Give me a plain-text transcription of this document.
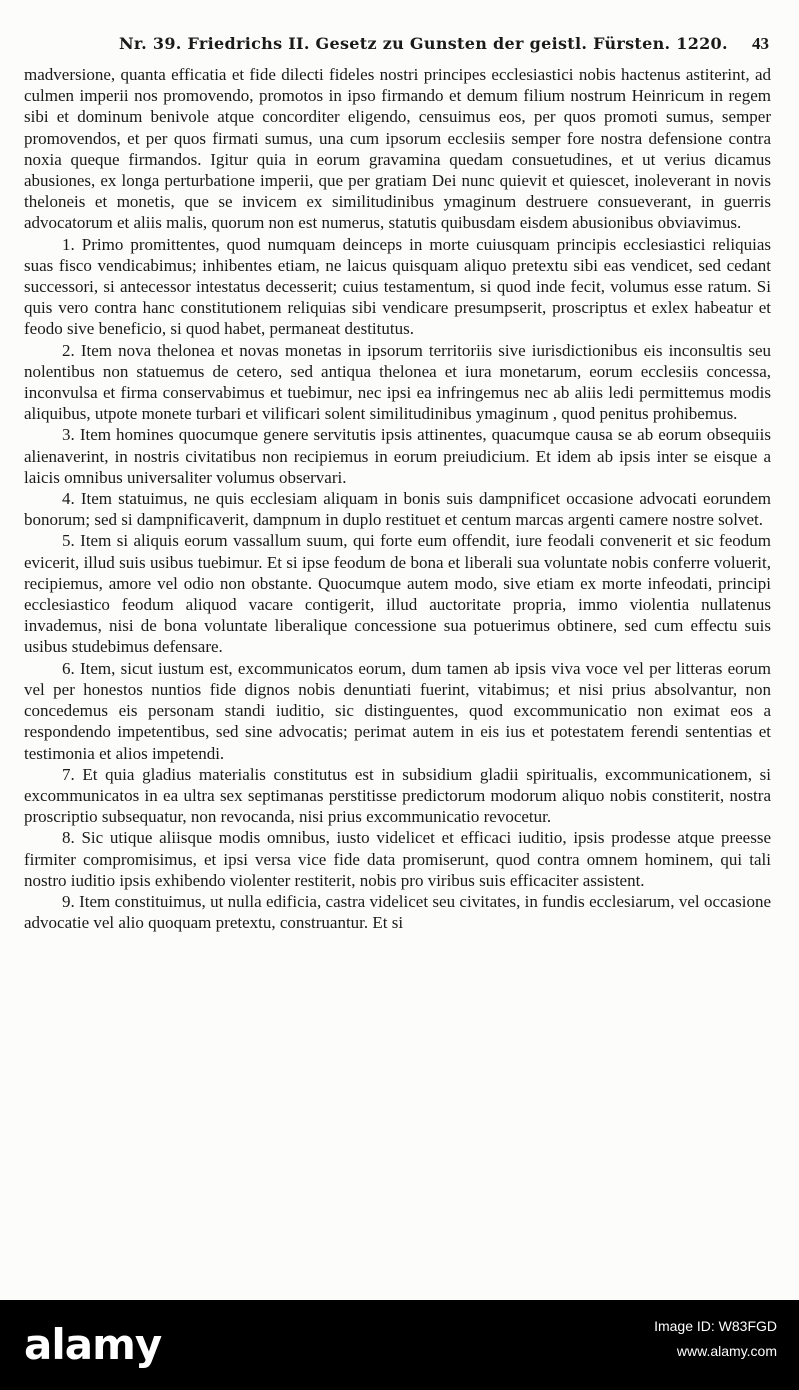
Nr. 39. Friedrichs II. Gesetz zu Gunsten der geistl. Fürsten. 1220. 43

madversione, quanta efficatia et fide dilecti fideles nostri principes ecclesiastici nobis hactenus astiterint, ad culmen imperii nos promovendo, promotos in ipso firmando et demum filium nostrum Heinricum in regem sibi et dominum benivole atque concorditer eligendo, censuimus eos, per quos promoti sumus, semper promovendos, et per quos firmati sumus, una cum ipsorum ecclesiis semper fore nostra defensione contra noxia queque firmandos. Igitur quia in eorum gravamina quedam consuetudines, et ut verius dicamus abusiones, ex longa perturbatione imperii, que per gratiam Dei nunc quievit et quiescet, inoleverant in novis theloneis et monetis, que se invicem ex similitudinibus ymaginum destruere consueverant, in guerris advocatorum et aliis malis, quorum non est numerus, statutis quibusdam eisdem abusionibus obviavimus.

1. Primo promittentes, quod numquam deinceps in morte cuiusquam principis ecclesiastici reliquias suas fisco vendicabimus; inhibentes etiam, ne laicus quisquam aliquo pretextu sibi eas vendicet, sed cedant successori, si antecessor intestatus decesserit; cuius testamentum, si quod inde fecit, volumus esse ratum. Si quis vero contra hanc constitutionem reliquias sibi vendicare presumpserit, proscriptus et exlex habeatur et feodo sive beneficio, si quod habet, permaneat destitutus.

2. Item nova thelonea et novas monetas in ipsorum territoriis sive iurisdictionibus eis inconsultis seu nolentibus non statuemus de cetero, sed antiqua thelonea et iura monetarum, eorum ecclesiis concessa, inconvulsa et firma conservabimus et tuebimur, nec ipsi ea infringemus nec ab aliis ledi permittemus modis aliquibus, utpote monete turbari et vilificari solent similitudinibus ymaginum , quod penitus prohibemus.

3. Item homines quocumque genere servitutis ipsis attinentes, quacumque causa se ab eorum obsequiis alienaverint, in nostris civitatibus non recipiemus in eorum preiudicium. Et idem ab ipsis inter se eisque a laicis omnibus universaliter volumus observari.

4. Item statuimus, ne quis ecclesiam aliquam in bonis suis dampnificet occasione advocati eorundem bonorum; sed si dampnificaverit, dampnum in duplo restituet et centum marcas argenti camere nostre solvet.

5. Item si aliquis eorum vassallum suum, qui forte eum offendit, iure feodali convenerit et sic feodum evicerit, illud suis usibus tuebimur. Et si ipse feodum de bona et liberali sua voluntate nobis conferre voluerit, recipiemus, amore vel odio non obstante. Quocumque autem modo, sive etiam ex morte infeodati, principi ecclesiastico feodum aliquod vacare contigerit, illud auctoritate propria, immo violentia nullatenus invademus, nisi de bona voluntate liberalique concessione sua potuerimus obtinere, sed cum effectu suis usibus studebimus defensare.

6. Item, sicut iustum est, excommunicatos eorum, dum tamen ab ipsis viva voce vel per litteras eorum vel per honestos nuntios fide dignos nobis denuntiati fuerint, vitabimus; et nisi prius absolvantur, non concedemus eis personam standi iuditio, sic distinguentes, quod excommunicatio non eximat eos a respondendo impetentibus, sed sine advocatis; perimat autem in eis ius et potestatem ferendi sententias et testimonia et alios impetendi.

7. Et quia gladius materialis constitutus est in subsidium gladii spiritualis, excommunicationem, si excommunicatos in ea ultra sex septimanas perstitisse predictorum modorum aliquo nobis constiterit, nostra proscriptio subsequatur, non revocanda, nisi prius excommunicatio revocetur.

8. Sic utique aliisque modis omnibus, iusto videlicet et efficaci iuditio, ipsis prodesse atque preesse firmiter compromisimus, et ipsi versa vice fide data promiserunt, quod contra omnem hominem, qui tali nostro iuditio ipsis exhibendo violenter restiterit, nobis pro viribus suis efficaciter assistent.

9. Item constituimus, ut nulla edificia, castra videlicet seu civitates, in fundis ecclesiarum, vel occasione advocatie vel alio quoquam pretextu, construantur. Et si

alamy	Image ID: W83FGD
www.alamy.com
